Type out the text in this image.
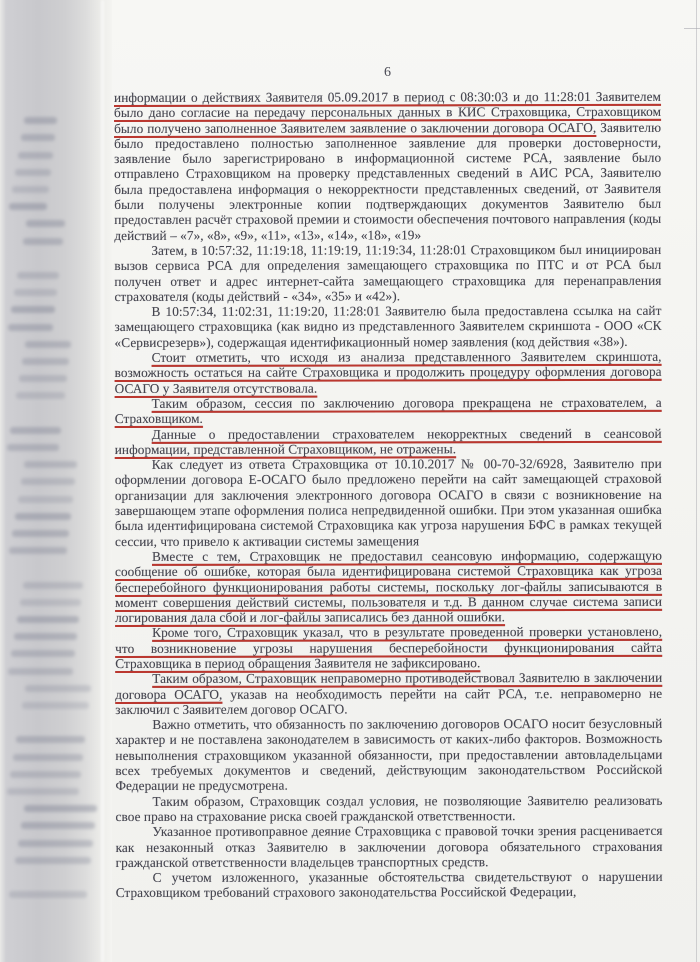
6

информации о действиях Заявителя 05.09.2017 в период с 08:30:03 и до 11:28:01 Заявителем было дано согласие на передачу персональных данных в КИС Страховщика, Страховщиком было получено заполненное Заявителем заявление о заключении договора ОСАГО, Заявителю было предоставлено полностью заполненное заявление для проверки достоверности, заявление было зарегистрировано в информационной системе РСА, заявление было отправлено Страховщиком на проверку представленных сведений в АИС РСА, Заявителю была предоставлена информация о некорректности представленных сведений, от Заявителя были получены электронные копии подтверждающих документов Заявителю был предоставлен расчёт страховой премии и стоимости обеспечения почтового направления (коды действий – «7», «8», «9», «11», «13», «14», «18», «19»

Затем, в 10:57:32, 11:19:18, 11:19:19, 11:19:34, 11:28:01 Страховщиком был инициирован вызов сервиса РСА для определения замещающего страховщика по ПТС и от РСА был получен ответ и адрес интернет-сайта замещающего страховщика для перенаправления страхователя (коды действий - «34», «35» и «42»).

В 10:57:34, 11:02:31, 11:19:20, 11:28:01 Заявителю была предоставлена ссылка на сайт замещающего страховщика (как видно из представленного Заявителем скриншота - ООО «СК «Сервисрезерв»), содержащая идентификационный номер заявления (код действия «38»).

Стоит отметить, что исходя из анализа представленного Заявителем скриншота, возможность остаться на сайте Страховщика и продолжить процедуру оформления договора ОСАГО у Заявителя отсутствовала.

Таким образом, сессия по заключению договора прекращена не страхователем, а Страховщиком.

Данные о предоставлении страхователем некорректных сведений в сеансовой информации, представленной Страховщиком, не отражены.

Как следует из ответа Страховщика от 10.10.2017 № 00-70-32/6928, Заявителю при оформлении договора Е-ОСАГО было предложено перейти на сайт замещающей страховой организации для заключения электронного договора ОСАГО в связи с возникновение на завершающем этапе оформления полиса непредвиденной ошибки. При этом указанная ошибка была идентифицирована системой Страховщика как угроза нарушения БФС в рамках текущей сессии, что привело к активации системы замещения

Вместе с тем, Страховщик не предоставил сеансовую информацию, содержащую сообщение об ошибке, которая была идентифицирована системой Страховщика как угроза бесперебойного функционирования работы системы, поскольку лог-файлы записываются в момент совершения действий системы, пользователя и т.д. В данном случае система записи логирования дала сбой и лог-файлы записались без данной ошибки.

Кроме того, Страховщик указал, что в результате проведенной проверки установлено, что возникновение угрозы нарушения бесперебойности функционирования сайта Страховщика в период обращения Заявителя не зафиксировано.

Таким образом, Страховщик неправомерно противодействовал Заявителю в заключении договора ОСАГО, указав на необходимость перейти на сайт РСА, т.е. неправомерно не заключил с Заявителем договор ОСАГО.

Важно отметить, что обязанность по заключению договоров ОСАГО носит безусловный характер и не поставлена законодателем в зависимость от каких-либо факторов. Возможность невыполнения страховщиком указанной обязанности, при предоставлении автовладельцами всех требуемых документов и сведений, действующим законодательством Российской Федерации не предусмотрена.

Таким образом, Страховщик создал условия, не позволяющие Заявителю реализовать свое право на страхование риска своей гражданской ответственности.

Указанное противоправное деяние Страховщика с правовой точки зрения расценивается как незаконный отказ Заявителю в заключении договора обязательного страхования гражданской ответственности владельцев транспортных средств.

С учетом изложенного, указанные обстоятельства свидетельствуют о нарушении Страховщиком требований страхового законодательства Российской Федерации,
